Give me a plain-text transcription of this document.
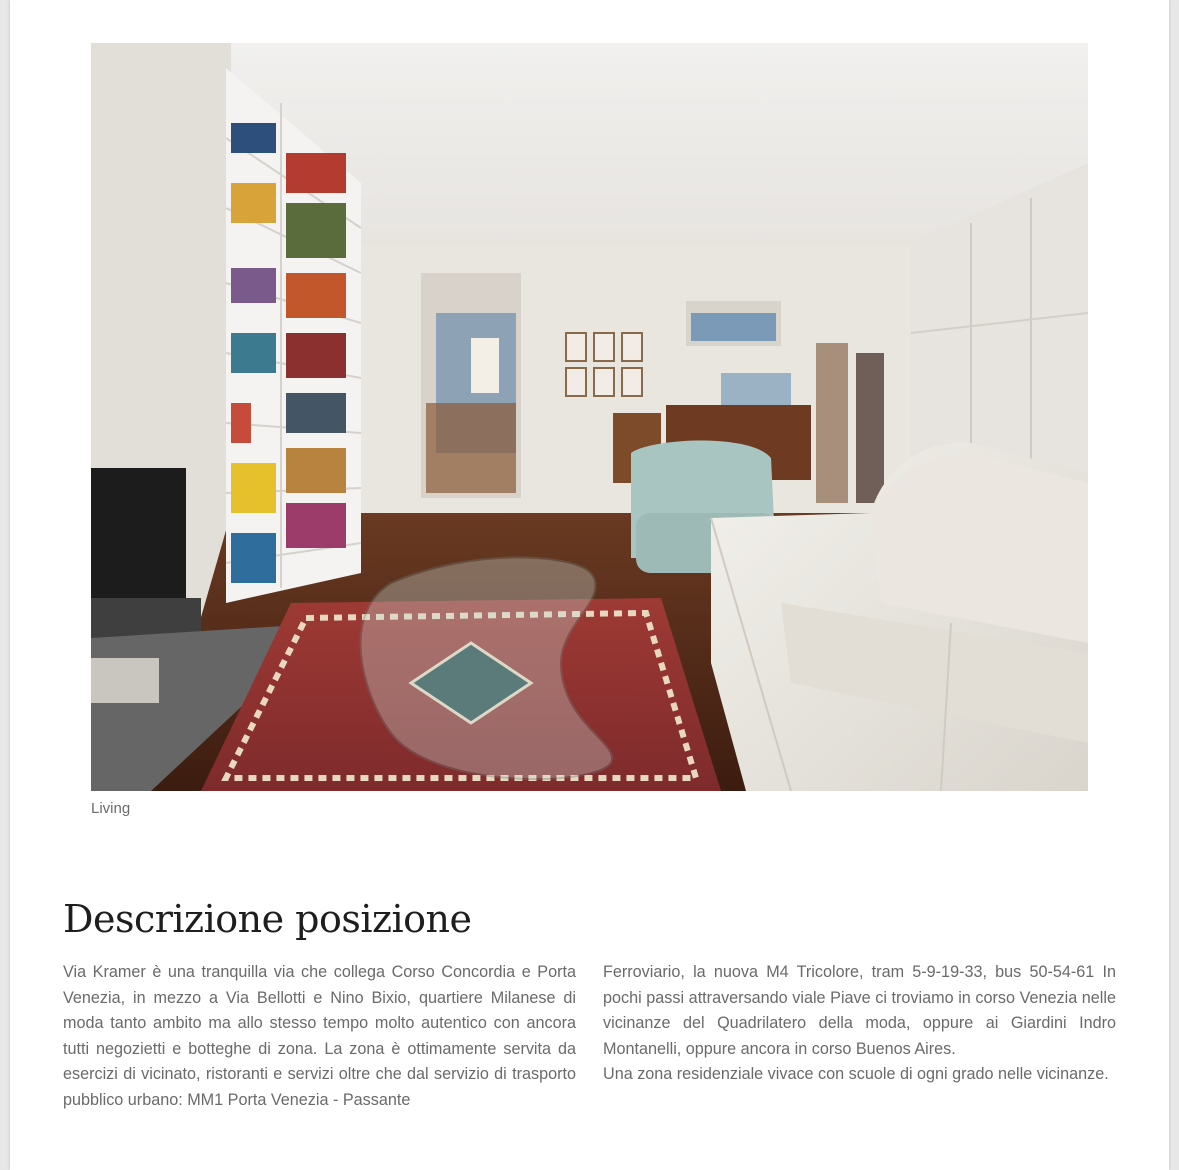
Living
Descrizione posizione

Via Kramer è una tranquilla via che collega Corso Concordia e Porta Venezia, in mezzo a Via Bellotti e Nino Bixio, quartiere Milanese di moda tanto ambito ma allo stesso tempo molto autentico con ancora tutti negozietti e botteghe di zona. La zona è ottimamente servita da esercizi di vicinato, ristoranti e servizi oltre che dal servizio di trasporto pubblico urbano: MM1 Porta Venezia - Passante

Ferroviario, la nuova M4 Tricolore, tram 5-9-19-33, bus 50-54-61 In pochi passi attraversando viale Piave ci troviamo in corso Venezia nelle vicinanze del Quadrilatero della moda, oppure ai Giardini Indro Montanelli, oppure ancora in corso Buenos Aires.

Una zona residenziale vivace con scuole di ogni grado nelle vicinanze.
